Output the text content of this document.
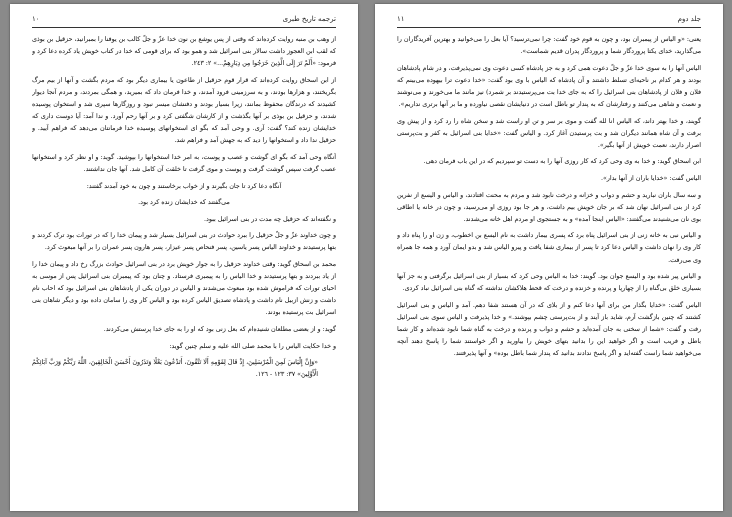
ترجمه تاريخ طبرى
١٠

از وهب بن منبه روايت كرده‌اند كه وقتى از پس يوشع بن نون خدا عزّ و جلّ كالب بن يوفنا را بمبرانيد، حزقيل بن بوذى كه لقب ابن العجوز داشت سالار بنى اسرائيل شد و همو بود كه براى قومى كه خدا در كتاب خويش ياد كرده دعا كرد و فرمود: «أَلَمْ تَرَ إِلَى الَّذِينَ خَرَجُوا مِن دِيَارِهِمْ...» ٢: ٢٤٣.

از ابن اسحاق روايت كرده‌اند كه قرار قوم حزقيل از طاعون يا بيمارى ديگر بود كه مردم بگشت و آنها از بيم مرگ بگريختند، و هزارها بودند، و به سرزمينى فرود آمدند، و خدا فرمان داد كه بميريد، و همگى بمردند، و مردم آنجا ديوار كشيدند كه درندگان محفوظ بمانند، زيرا بسيار بودند و دفنشان ميسر نبود و روزگارها سپرى شد و استخوان پوسيده شدند، و حزقيل بن بوذى بر آنها بگذشت و از كارشان شگفتى كرد و بر آنها رحم آورد. و ندا آمد: آيا دوست دارى كه خدايشان زنده كند؟ گفت: آرى. و وحى آمد كه بگو اى استخوانهاى پوسيده خدا فرمانتان مى‌دهد كه فراهم آييد. و حزقيل ندا داد و استخوانها را ديد كه به جهش آمد و فراهم شد.

آنگاه وحى آمد كه بگو اى گوشت و عصب و پوست، به امر خدا استخوانها را بپوشيد. گويد: و او نظر كرد و استخوانها عصب گرفت سپس گوشت گرفت و پوست و موى گرفت تا خلقت آن كامل شد. آنها جان نداشتند.

آنگاه دعا كرد تا جان بگيرند و از خواب برخاستند و چون به خود آمدند گفتند:

مى‌گفتند كه خدايشان زنده كرد بود.

و نگفته‌اند كه حزقيل چه مدت در بنى اسرائيل ببود.

و چون خداوند عزّ و جلّ حزقيل را ببرد حوادث در بنى اسرائيل بسيار شد و پيمان خدا را كه در تورات بود ترک كردند و بتها پرستيدند و خداوند الياس پسر ياسين، پسر فنحاص پسر عيزار، پسر هارون پسر عمران را بر آنها مبعوث كرد.

محمد بن اسحاق گويد: وقتى خداوند حزقيل را به جوار خويش برد در بنى اسرائيل حوادث بزرگ رخ داد و پيمان خدا را از ياد ببردند و بتها پرستيدند و خدا الياس را به پيمبرى فرستاد. و چنان بود كه پيمبران بنى اسرائيل پس از موسى به احياى تورات كه فراموش شده بود مبعوث مى‌شدند و الياس در دوران يكى از پادشاهان بنى اسرائيل بود كه احاب نام داشت و زنش ازبيل نام داشت و پادشاه تصديق الياس كرده بود و الياس كار وى را سامان داده بود و ديگر شاهان بنى اسرائيل بت پرستيده بودند.

گويد: و از بعضى مطلعان شنيده‌ام كه بعل زنى بود كه او را به جاى خدا پرستش مى‌كردند.

و خدا حكايت الياس را با محمد صلى الله عليه و سلم چنين گويد:

«وَإِنَّ إِلْيَاسَ لَمِنَ الْمُرْسَلِينَ، إِذْ قَالَ لِقَوْمِهِ أَلَا تَتَّقُونَ، أَتَدْعُونَ بَعْلًا وَتَذَرُونَ أَحْسَنَ الْخَالِقِينَ، اللَّهَ رَبَّكُمْ وَرَبَّ آبَائِكُمُ الْأَوَّلِينَ» ٣٧: ١٢٣ - ١٢٦.

جلد دوم
١١

يعنى: «و الياس از پيمبران بود، و چون به قوم خود گفت: چرا نمى‌ترسيد؟ آيا بعل را مى‌خوانيد و بهترين آفريدگاران را مى‌گذاريد، خداى يكتا پروردگار شما و پروردگار پدران قديم شماست».

الياس آنها را به سوى خدا عزّ و جلّ دعوت همى كرد و به جز پادشاه كسى دعوت وى نمى‌پذيرفت، و در شام پادشاهان بودند و هر كدام بر ناحيه‌اى تسلط داشتند و آن پادشاه كه الياس با وى بود گفت: «خدا دعوت ترا بيهوده مى‌بينم كه فلان و فلان از پادشاهان بنى اسرائيل را كه به جاى خدا بت مى‌پرستيدند بر شمرد) نيز مانند ما مى‌خورند و مى‌نوشند و نعمت و شاهى مى‌كنند و رفتارشان كه به پندار تو باطل است در دنيايشان نقصى نياورده و ما بر آنها برترى نداريم».

گويند، و خدا بهتر داند، كه الياس انا لله گفت و موى بر سر و تن او راست شد و سخن شاه را رد كرد و از پيش وى برفت و آن شاه همانند ديگران شد و بت پرستيدن آغاز كرد. و الياس گفت: «خدايا بنى اسرائيل به كفر و بت‌پرستى اصرار دارند، نعمت خويش از آنها بگير».

ابن اسحاق گويد: و خدا به وى وحى كرد كه كار روزى آنها را به دست تو سپرديم كه در اين باب فرمان دهى.

الياس گفت: «خدايا باران از آنها بدار».

و سه سال باران نباريد و حشم و دواب و خزانه و درخت نابود شد و مردم به محنت افتادند، و الياس و اليسع از نفرين كرد از بنى اسرائيل نهان شد كه بر جان خويش بيم داشت، و هر جا بود روزى او مى‌رسيد، و چون در خانه يا اطاقى بوى نان مى‌شنيدند مى‌گفتند: «الياس اينجا آمده» و به جستجوى او مردم اهل خانه مى‌شدند.

و الياس نبى به خانه زنى از بنى اسرائيل پناه برد كه پسرى بيمار داشت به نام اليسع بن اخطوب، و زن او را پناه داد و كار وى را نهان داشت و الياس دعا كرد تا پسر از بيمارى شفا يافت و پيرو الياس شد و بدو ايمان آورد و همه جا همراه وى مى‌رفت.

و الياس پير شده بود و اليسع جوان بود. گويند: خدا به الياس وحى كرد كه بسيار از بنى اسرائيل برگرفتى و به جز آنها بسيارى خلق بى‌گناه را از چهارپا و پرنده و خزنده و درخت كه قحط هلاكشان نداشته كه گناه بنى اسرائيل نباد كردى.

الياس گفت: «خدايا بگذار من براى آنها دعا كنم و از بلاى كه در آن هستند شفا دهم. آمد و الياس و بنى اسرائيل كشتند كه چنين بازگشت آرم، شايد باز آيند و از بت‌پرستى چشم بپوشند.» و خدا پذيرفت و الياس سوى بنى اسرائيل رفت و گفت: «شما از سختى به جان آمده‌ايد و حشم و دواب و پرنده و درخت به گناه شما نابود شده‌اند و كار شما باطل و فريب است و اگر خواهيد اين را بدانيد بتهاى خويش را بياوريد و اگر خواستند شما را پاسخ دهند آنچه مى‌خواهيد شما راست گفته‌ايد و اگر پاسخ ندادند بدانيد كه پندار شما باطل بوده» و آنها پذيرفتند.
